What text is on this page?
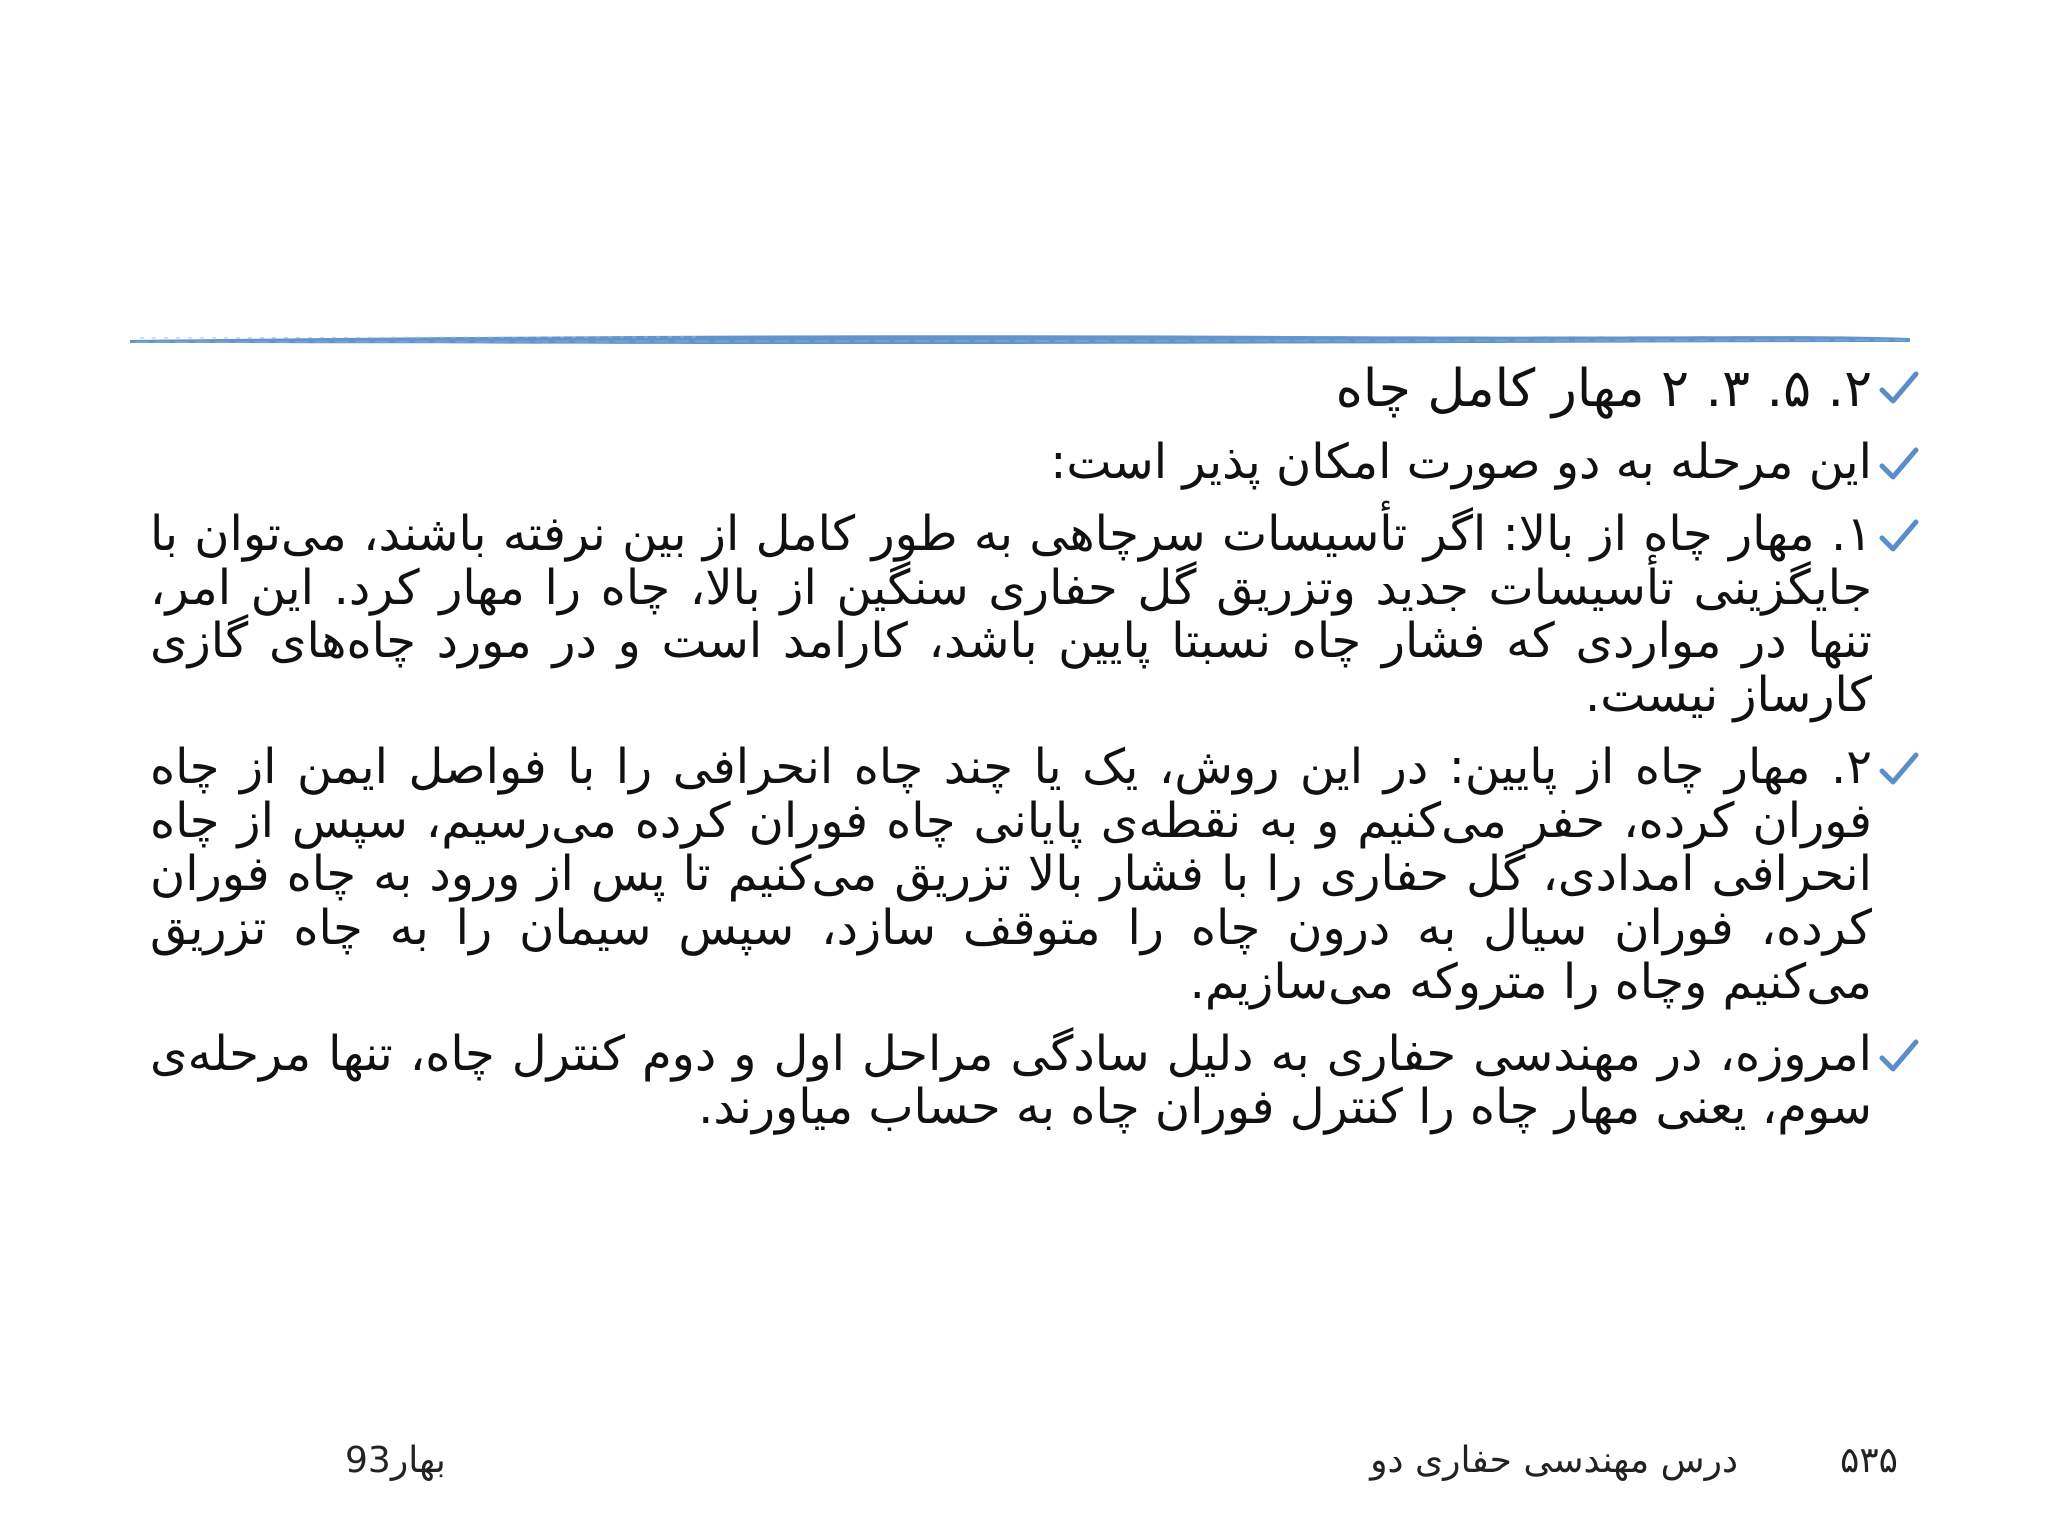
۲. ۵. ۳. ۲ مهار کامل چاه
این مرحله به دو صورت امکان پذیر است:
۱. مهار چاه از بالا: اگر تأسیسات سرچاهی به طور کامل از بین نرفته باشند، می‌توان با جایگزینی تأسیسات جدید وتزریق گل حفاری سنگین از بالا، چاه را مهار کرد. این امر، تنها در مواردی که فشار چاه نسبتا پایین باشد، کارامد است و در مورد چاه‌های گازی کارساز نیست.
۲. مهار چاه از پایین: در این روش، یک یا چند چاه انحرافی را با فواصل ایمن از چاه فوران کرده، حفر می‌کنیم و به نقطه‌ی پایانی چاه فوران کرده می‌رسیم، سپس از چاه انحرافی امدادی، گل حفاری را با فشار بالا تزریق می‌کنیم تا پس از ورود به چاه فوران کرده، فوران سیال به درون چاه را متوقف سازد، سپس سیمان را به چاه تزریق می‌کنیم وچاه را متروکه می‌سازیم.
امروزه، در مهندسی حفاری به دلیل سادگی مراحل اول و دوم کنترل چاه، تنها مرحله‌ی سوم، یعنی مهار چاه را کنترل فوران چاه به حساب میاورند.
۵۳۵
درس مهندسی حفاری دو
بهار93
